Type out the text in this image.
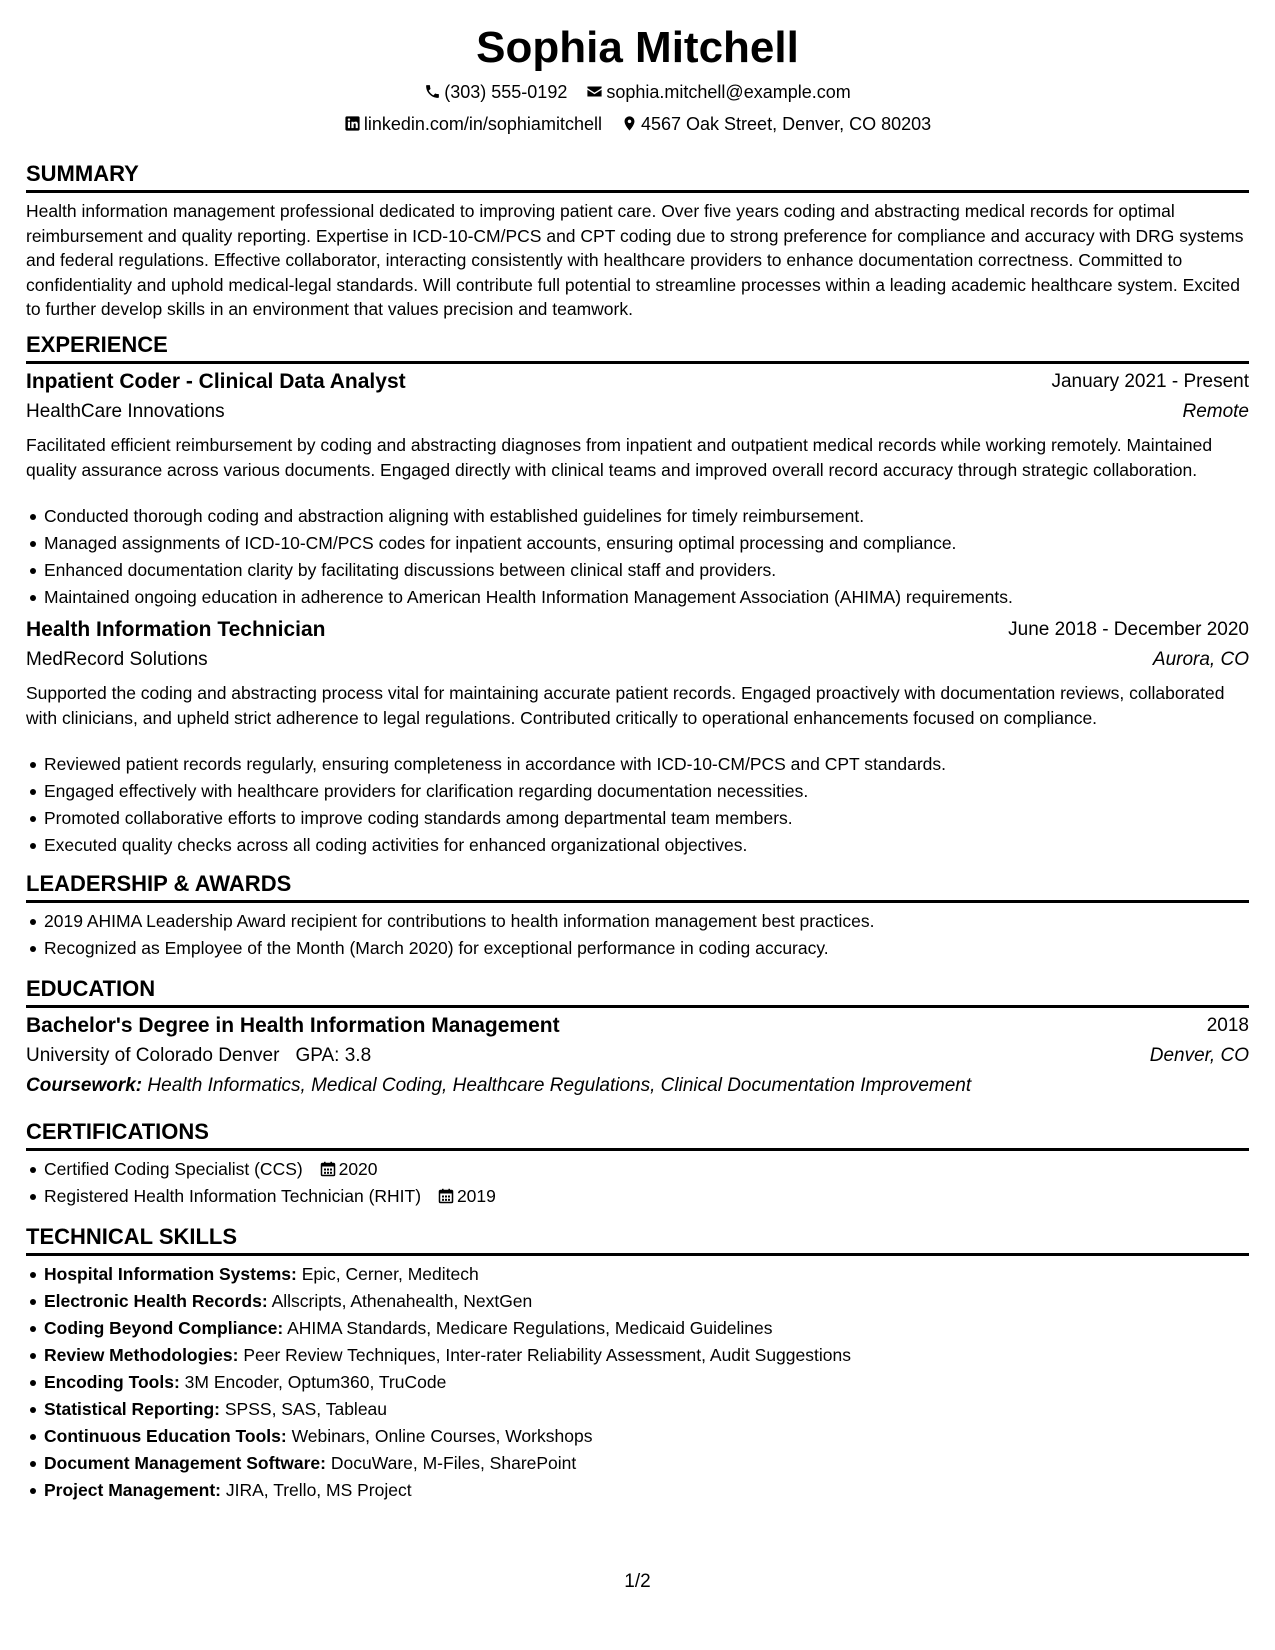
Sophia Mitchell
(303) 555-0192 sophia.mitchell@example.com
linkedin.com/in/sophiamitchell 4567 Oak Street, Denver, CO 80203
SUMMARY
Health information management professional dedicated to improving patient care. Over five years coding and abstracting medical records for optimal reimbursement and quality reporting. Expertise in ICD-10-CM/PCS and CPT coding due to strong preference for compliance and accuracy with DRG systems and federal regulations. Effective collaborator, interacting consistently with healthcare providers to enhance documentation correctness. Committed to confidentiality and uphold medical-legal standards. Will contribute full potential to streamline processes within a leading academic healthcare system. Excited to further develop skills in an environment that values precision and teamwork.
EXPERIENCE
Inpatient Coder - Clinical Data Analyst	January 2021 - Present
HealthCare Innovations	Remote
Facilitated efficient reimbursement by coding and abstracting diagnoses from inpatient and outpatient medical records while working remotely. Maintained quality assurance across various documents. Engaged directly with clinical teams and improved overall record accuracy through strategic collaboration.
Conducted thorough coding and abstraction aligning with established guidelines for timely reimbursement.
Managed assignments of ICD-10-CM/PCS codes for inpatient accounts, ensuring optimal processing and compliance.
Enhanced documentation clarity by facilitating discussions between clinical staff and providers.
Maintained ongoing education in adherence to American Health Information Management Association (AHIMA) requirements.
Health Information Technician	June 2018 - December 2020
MedRecord Solutions	Aurora, CO
Supported the coding and abstracting process vital for maintaining accurate patient records. Engaged proactively with documentation reviews, collaborated with clinicians, and upheld strict adherence to legal regulations. Contributed critically to operational enhancements focused on compliance.
Reviewed patient records regularly, ensuring completeness in accordance with ICD-10-CM/PCS and CPT standards.
Engaged effectively with healthcare providers for clarification regarding documentation necessities.
Promoted collaborative efforts to improve coding standards among departmental team members.
Executed quality checks across all coding activities for enhanced organizational objectives.
LEADERSHIP & AWARDS
2019 AHIMA Leadership Award recipient for contributions to health information management best practices.
Recognized as Employee of the Month (March 2020) for exceptional performance in coding accuracy.
EDUCATION
Bachelor's Degree in Health Information Management	2018
University of Colorado Denver GPA: 3.8	Denver, CO
Coursework: Health Informatics, Medical Coding, Healthcare Regulations, Clinical Documentation Improvement
CERTIFICATIONS
Certified Coding Specialist (CCS) 2020
Registered Health Information Technician (RHIT) 2019
TECHNICAL SKILLS
Hospital Information Systems: Epic, Cerner, Meditech
Electronic Health Records: Allscripts, Athenahealth, NextGen
Coding Beyond Compliance: AHIMA Standards, Medicare Regulations, Medicaid Guidelines
Review Methodologies: Peer Review Techniques, Inter-rater Reliability Assessment, Audit Suggestions
Encoding Tools: 3M Encoder, Optum360, TruCode
Statistical Reporting: SPSS, SAS, Tableau
Continuous Education Tools: Webinars, Online Courses, Workshops
Document Management Software: DocuWare, M-Files, SharePoint
Project Management: JIRA, Trello, MS Project
1/2
